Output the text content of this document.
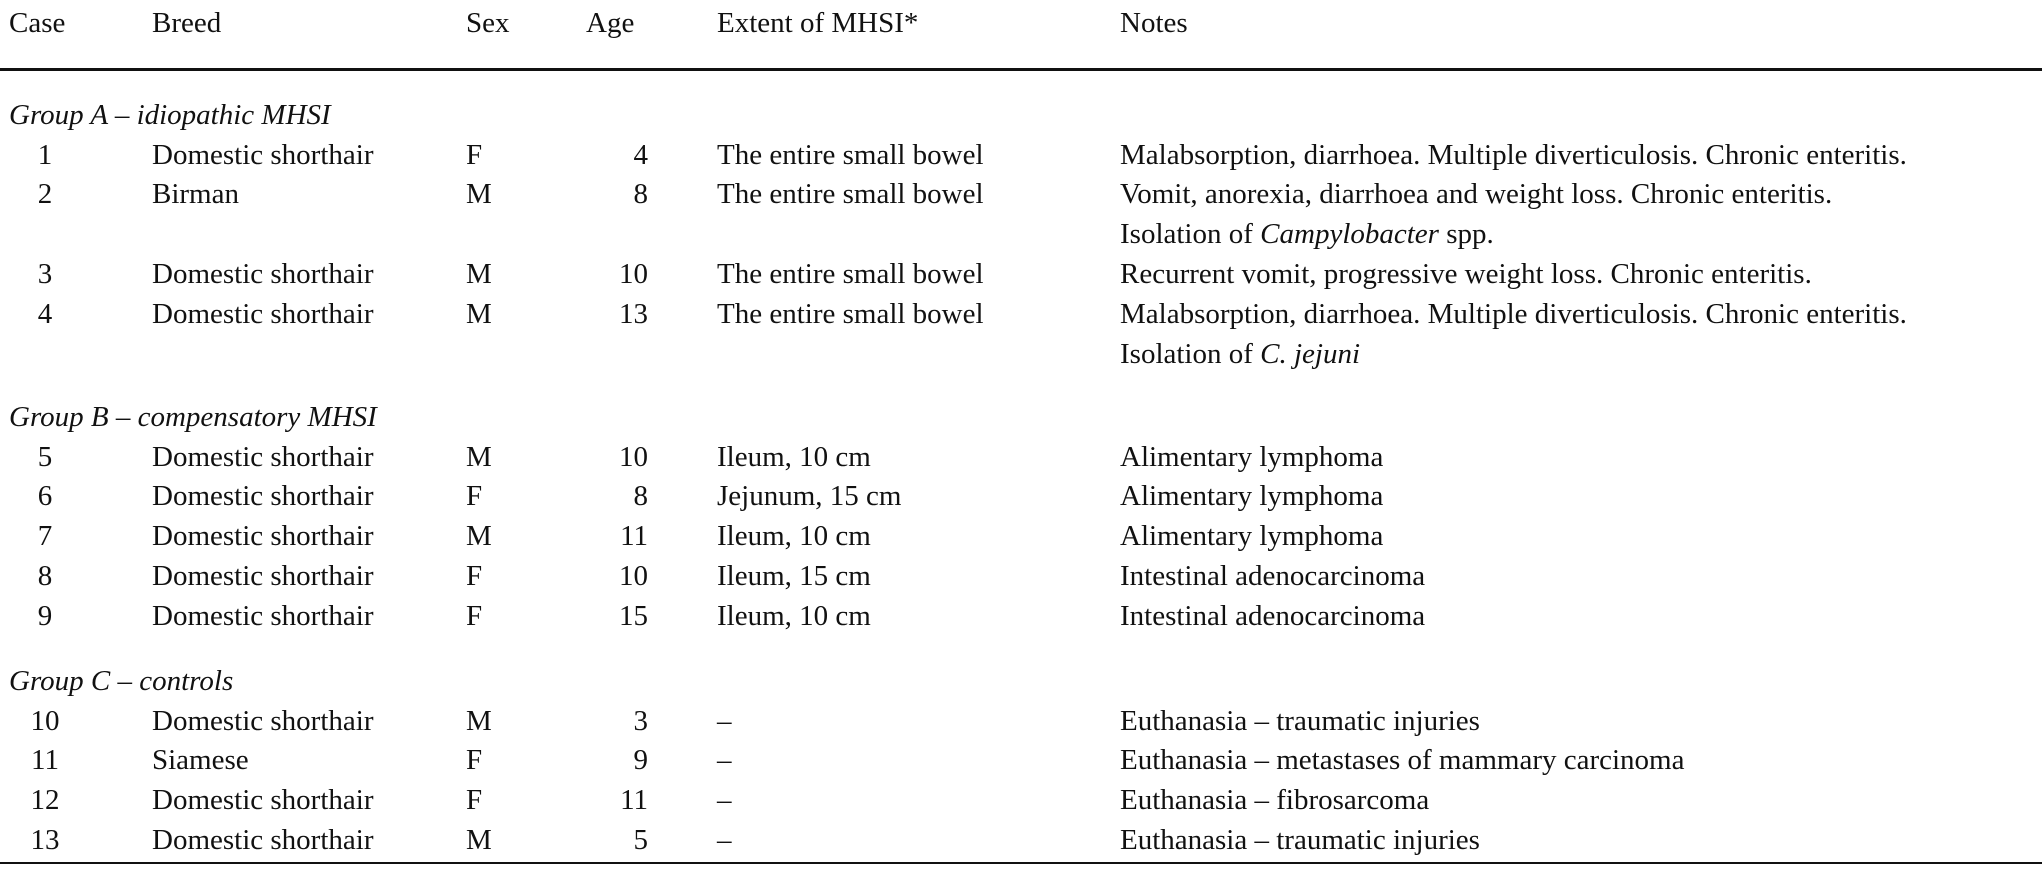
Case	Breed	Sex	Age	Extent of MHSI*	Notes
Group A – idiopathic MHSI
1	Domestic shorthair	F	4 The entire small bowel	Malabsorption, diarrhoea. Multiple diverticulosis. Chronic enteritis.
2	Birman	M	8 The entire small bowel	Vomit, anorexia, diarrhoea and weight loss. Chronic enteritis.
Isolation of Campylobacter spp.
3	Domestic shorthair	M	10 The entire small bowel	Recurrent vomit, progressive weight loss. Chronic enteritis.
4	Domestic shorthair	M	13 The entire small bowel	Malabsorption, diarrhoea. Multiple diverticulosis. Chronic enteritis.
Isolation of C. jejuni
Group B – compensatory MHSI
5	Domestic shorthair	M	10 Ileum, 10 cm	Alimentary lymphoma
6	Domestic shorthair	F	8 Jejunum, 15 cm	Alimentary lymphoma
7	Domestic shorthair	M	11 Ileum, 10 cm	Alimentary lymphoma
8	Domestic shorthair	F	10 Ileum, 15 cm	Intestinal adenocarcinoma
9	Domestic shorthair	F	15 Ileum, 10 cm	Intestinal adenocarcinoma
Group C – controls
10	Domestic shorthair	M	3 –	Euthanasia – traumatic injuries
11	Siamese	F	9 –	Euthanasia – metastases of mammary carcinoma
12	Domestic shorthair	F	11 –	Euthanasia – fibrosarcoma
13	Domestic shorthair	M	5 –	Euthanasia – traumatic injuries
